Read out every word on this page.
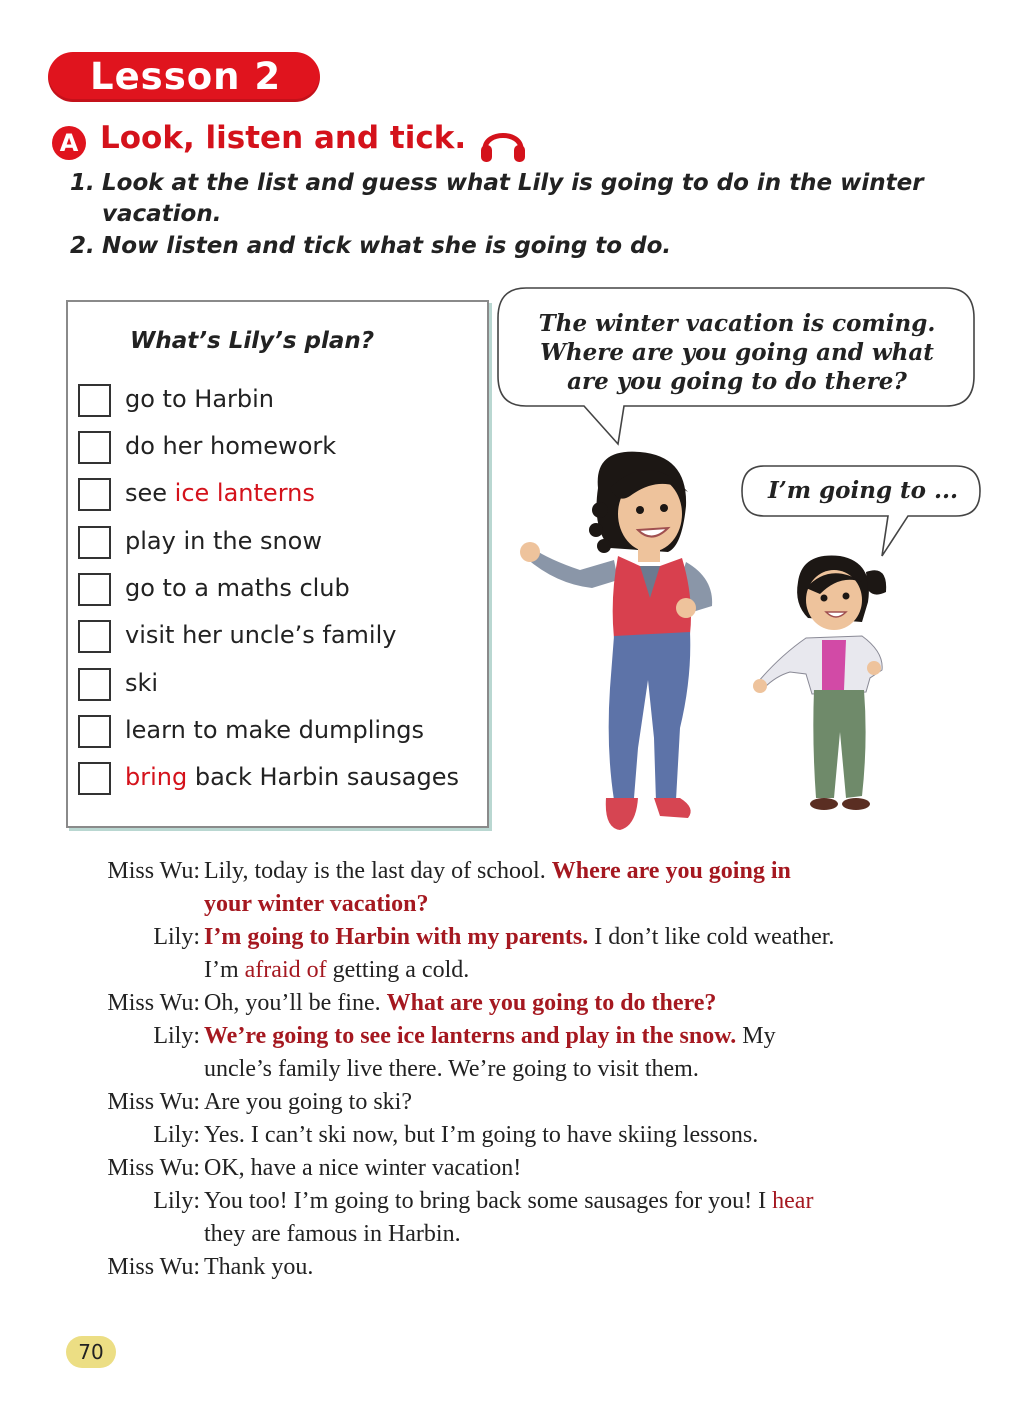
Lesson 2
A Look, listen and tick.
1. Look at the list and guess what Lily is going to do in the winter
vacation.
2. Now listen and tick what she is going to do.
What’s Lily’s plan?
go to Harbin
do her homework
see ice lanterns
play in the snow
go to a maths club
visit her uncle’s family
ski
learn to make dumplings
bring back Harbin sausages
The winter vacation is coming.
Where are you going and what
are you going to do there?
I’m going to ...
Miss Wu : Lily, today is the last day of school. Where are you going in
your winter vacation?
Lily : I’m going to Harbin with my parents. I don’t like cold weather.
I’m afraid of getting a cold.
Miss Wu : Oh, you’ll be fine. What are you going to do there?
Lily : We’re going to see ice lanterns and play in the snow. My
uncle’s family live there. We’re going to visit them.
Miss Wu : Are you going to ski?
Lily : Yes. I can’t ski now, but I’m going to have skiing lessons.
Miss Wu : OK, have a nice winter vacation!
Lily : You too! I’m going to bring back some sausages for you! I hear
they are famous in Harbin.
Miss Wu : Thank you.
70
